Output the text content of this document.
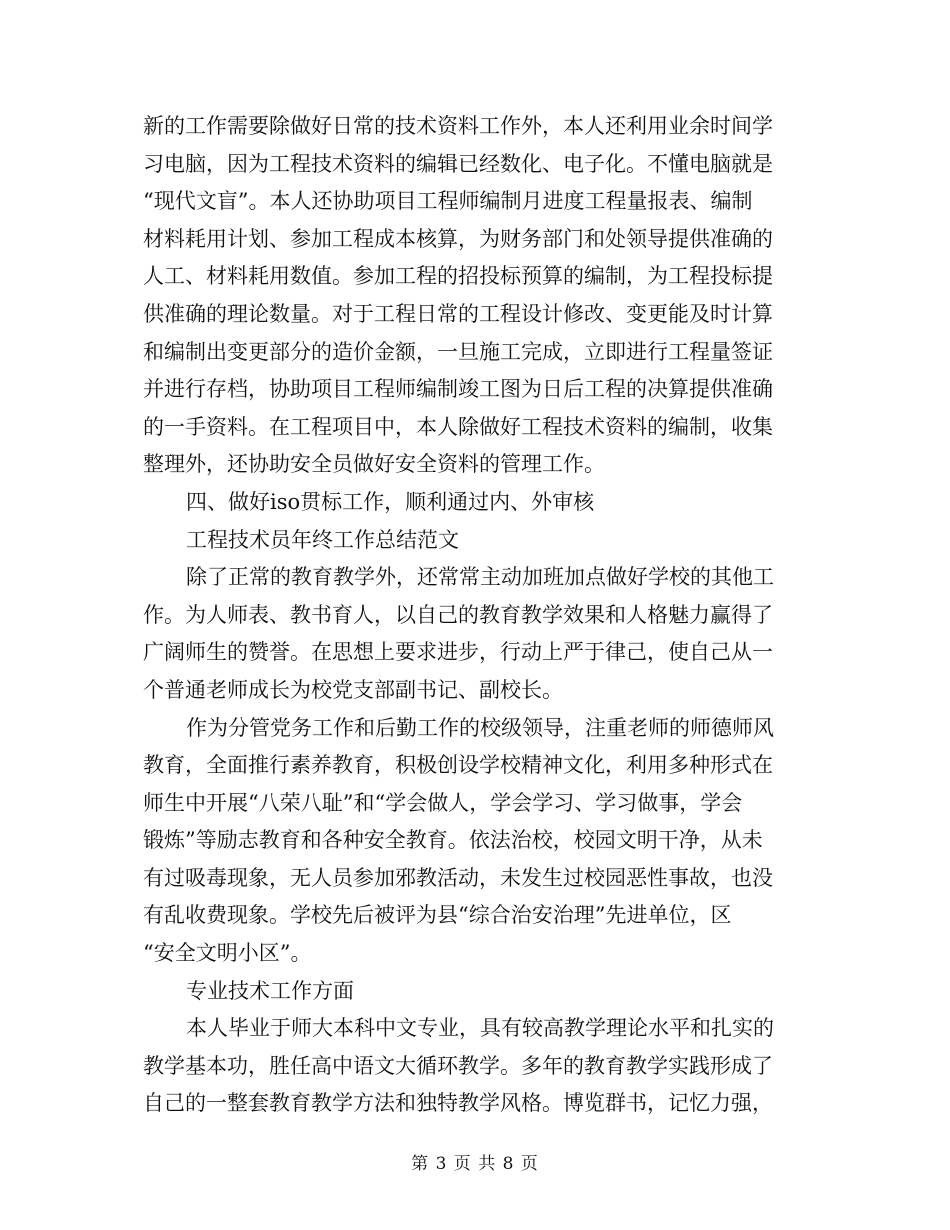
新的工作需要除做好日常的技术资料工作外，本人还利用业余时间学
习电脑，因为工程技术资料的编辑已经数化、电子化。不懂电脑就是
“现代文盲”。本人还协助项目工程师编制月进度工程量报表、编制
材料耗用计划、参加工程成本核算，为财务部门和处领导提供准确的
人工、材料耗用数值。参加工程的招投标预算的编制，为工程投标提
供准确的理论数量。对于工程日常的工程设计修改、变更能及时计算
和编制出变更部分的造价金额，一旦施工完成，立即进行工程量签证
并进行存档，协助项目工程师编制竣工图为日后工程的决算提供准确
的一手资料。在工程项目中，本人除做好工程技术资料的编制，收集
整理外，还协助安全员做好安全资料的管理工作。
四、做好iso贯标工作，顺利通过内、外审核
工程技术员年终工作总结范文
除了正常的教育教学外，还常常主动加班加点做好学校的其他工
作。为人师表、教书育人，以自己的教育教学效果和人格魅力赢得了
广阔师生的赞誉。在思想上要求进步，行动上严于律己，使自己从一
个普通老师成长为校党支部副书记、副校长。
作为分管党务工作和后勤工作的校级领导，注重老师的师德师风
教育，全面推行素养教育，积极创设学校精神文化，利用多种形式在
师生中开展“八荣八耻”和“学会做人，学会学习、学习做事，学会
锻炼”等励志教育和各种安全教育。依法治校，校园文明干净，从未
有过吸毒现象，无人员参加邪教活动，未发生过校园恶性事故，也没
有乱收费现象。学校先后被评为县“综合治安治理”先进单位，区
“安全文明小区”。
专业技术工作方面
本人毕业于师大本科中文专业，具有较高教学理论水平和扎实的
教学基本功，胜任高中语文大循环教学。多年的教育教学实践形成了
自己的一整套教育教学方法和独特教学风格。博览群书，记忆力强，
第 3 页 共 8 页
